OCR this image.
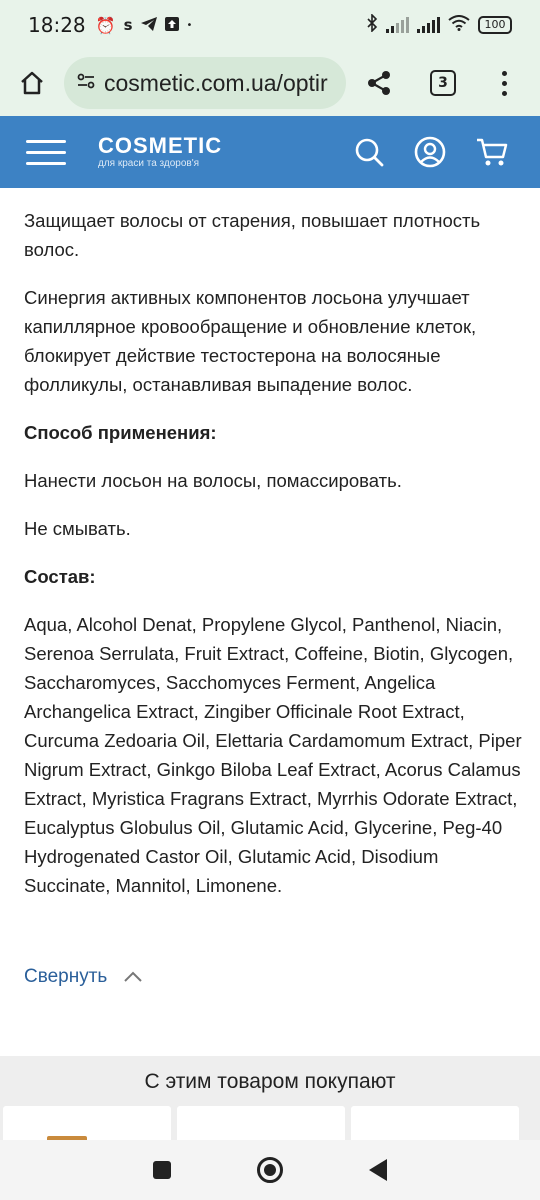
18:28 ⏰ s	•	100
cosmetic.com.ua/optir	3
COSMETIC
для краси та здоров'я

Защищает волосы от старения, повышает плотность волос.

Синергия активных компонентов лосьона улучшает капиллярное кровообращение и обновление клеток, блокирует действие тестостерона на волосяные фолликулы, останавливая выпадение волос.

Способ применения:

Нанести лосьон на волосы, помассировать.

Не смывать.

Состав:

Aqua, Alcohol Denat, Propylene Glycol, Panthenol, Niacin, Serenoa Serrulata, Fruit Extract, Coffeine, Biotin, Glycogen, Saccharomyces, Sacchomyces Ferment, Angelica Archangelica Extract, Zingiber Officinale Root Extract, Curcuma Zedoaria Oil, Elettaria Cardamomum Extract, Piper Nigrum Extract, Ginkgo Biloba Leaf Extract, Acorus Calamus Extract, Myristica Fragrans Extract, Myrrhis Odorate Extract, Eucalyptus Globulus Oil, Glutamic Acid, Glycerine, Peg-40 Hydrogenated Castor Oil, Glutamic Acid, Disodium Succinate, Mannitol, Limonene.

Свернуть
С этим товаром покупают
